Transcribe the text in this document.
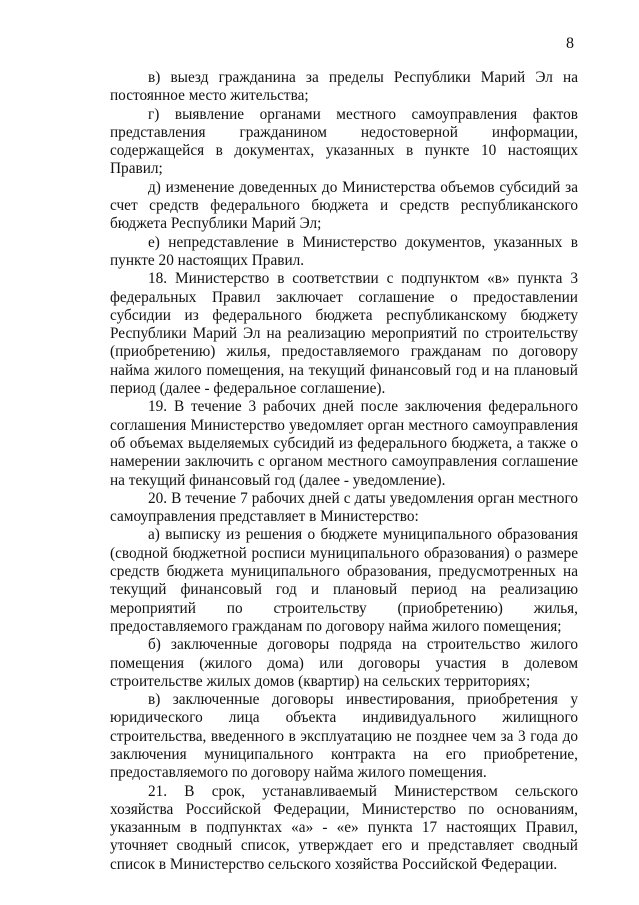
8

в) выезд гражданина за пределы Республики Марий Эл на постоянное место жительства;

г) выявление органами местного самоуправления фактов представления гражданином недостоверной информации, содержащейся в документах, указанных в пункте 10 настоящих Правил;

д) изменение доведенных до Министерства объемов субсидий за счет средств федерального бюджета и средств республиканского бюджета Республики Марий Эл;

е) непредставление в Министерство документов, указанных в пункте 20 настоящих Правил.

18. Министерство в соответствии с подпунктом «в» пункта 3 федеральных Правил заключает соглашение о предоставлении субсидии из федерального бюджета республиканскому бюджету Республики Марий Эл на реализацию мероприятий по строительству (приобретению) жилья, предоставляемого гражданам по договору найма жилого помещения, на текущий финансовый год и на плановый период (далее - федеральное соглашение).

19. В течение 3 рабочих дней после заключения федерального соглашения Министерство уведомляет орган местного самоуправления об объемах выделяемых субсидий из федерального бюджета, а также о намерении заключить с органом местного самоуправления соглашение на текущий финансовый год (далее - уведомление).

20. В течение 7 рабочих дней с даты уведомления орган местного самоуправления представляет в Министерство:

а) выписку из решения о бюджете муниципального образования (сводной бюджетной росписи муниципального образования) о размере средств бюджета муниципального образования, предусмотренных на текущий финансовый год и плановый период на реализацию мероприятий по строительству (приобретению) жилья, предоставляемого гражданам по договору найма жилого помещения;

б) заключенные договоры подряда на строительство жилого помещения (жилого дома) или договоры участия в долевом строительстве жилых домов (квартир) на сельских территориях;

в) заключенные договоры инвестирования, приобретения у юридического лица объекта индивидуального жилищного строительства, введенного в эксплуатацию не позднее чем за 3 года до заключения муниципального контракта на его приобретение, предоставляемого по договору найма жилого помещения.

21. В срок, устанавливаемый Министерством сельского хозяйства Российской Федерации, Министерство по основаниям, указанным в подпунктах «а» - «е» пункта 17 настоящих Правил, уточняет сводный список, утверждает его и представляет сводный список в Министерство сельского хозяйства Российской Федерации.
